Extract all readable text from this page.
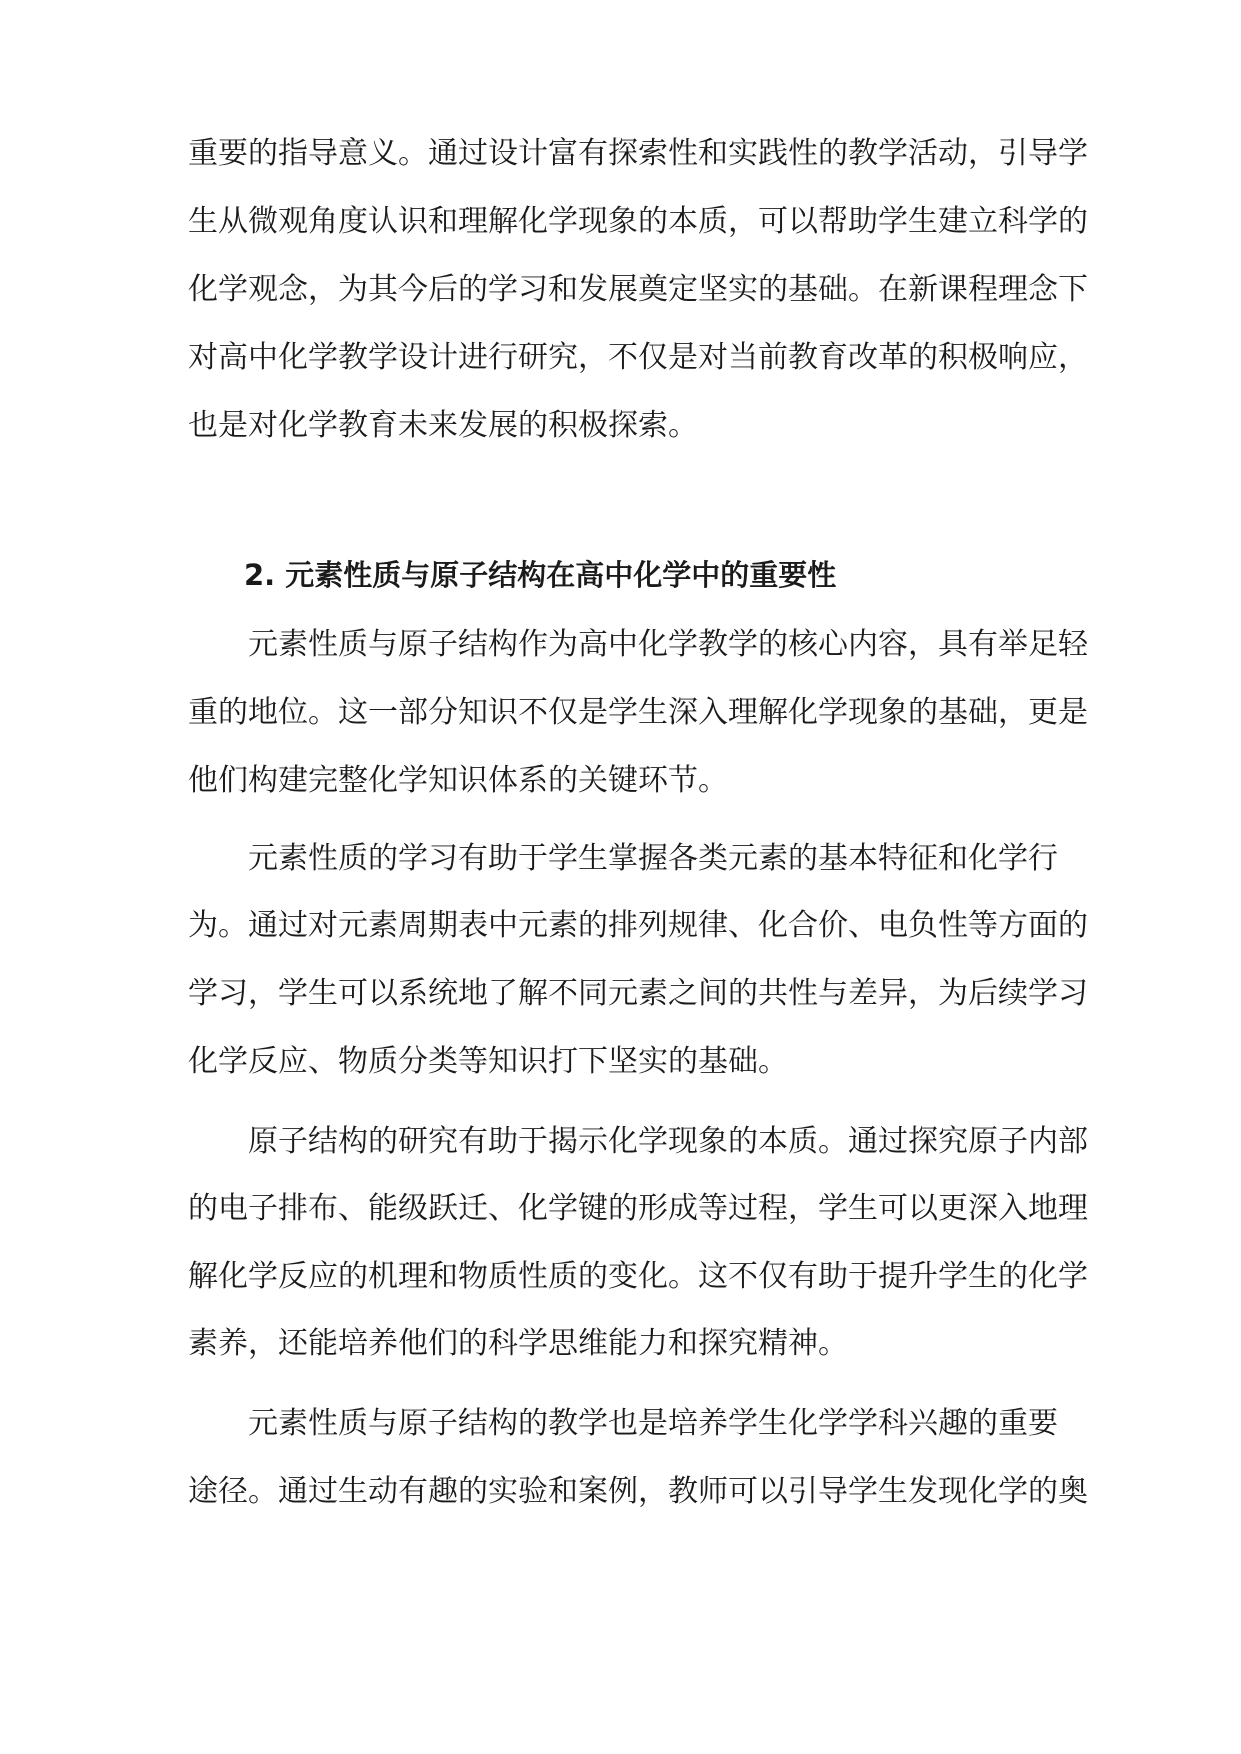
重要的指导意义。通过设计富有探索性和实践性的教学活动，引导学
生从微观角度认识和理解化学现象的本质，可以帮助学生建立科学的
化学观念，为其今后的学习和发展奠定坚实的基础。在新课程理念下
对高中化学教学设计进行研究，不仅是对当前教育改革的积极响应，
也是对化学教育未来发展的积极探索。
2. 元素性质与原子结构在高中化学中的重要性
元素性质与原子结构作为高中化学教学的核心内容，具有举足轻
重的地位。这一部分知识不仅是学生深入理解化学现象的基础，更是
他们构建完整化学知识体系的关键环节。
元素性质的学习有助于学生掌握各类元素的基本特征和化学行
为。通过对元素周期表中元素的排列规律、化合价、电负性等方面的
学习，学生可以系统地了解不同元素之间的共性与差异，为后续学习
化学反应、物质分类等知识打下坚实的基础。
原子结构的研究有助于揭示化学现象的本质。通过探究原子内部
的电子排布、能级跃迁、化学键的形成等过程，学生可以更深入地理
解化学反应的机理和物质性质的变化。这不仅有助于提升学生的化学
素养，还能培养他们的科学思维能力和探究精神。
元素性质与原子结构的教学也是培养学生化学学科兴趣的重要
途径。通过生动有趣的实验和案例，教师可以引导学生发现化学的奥
